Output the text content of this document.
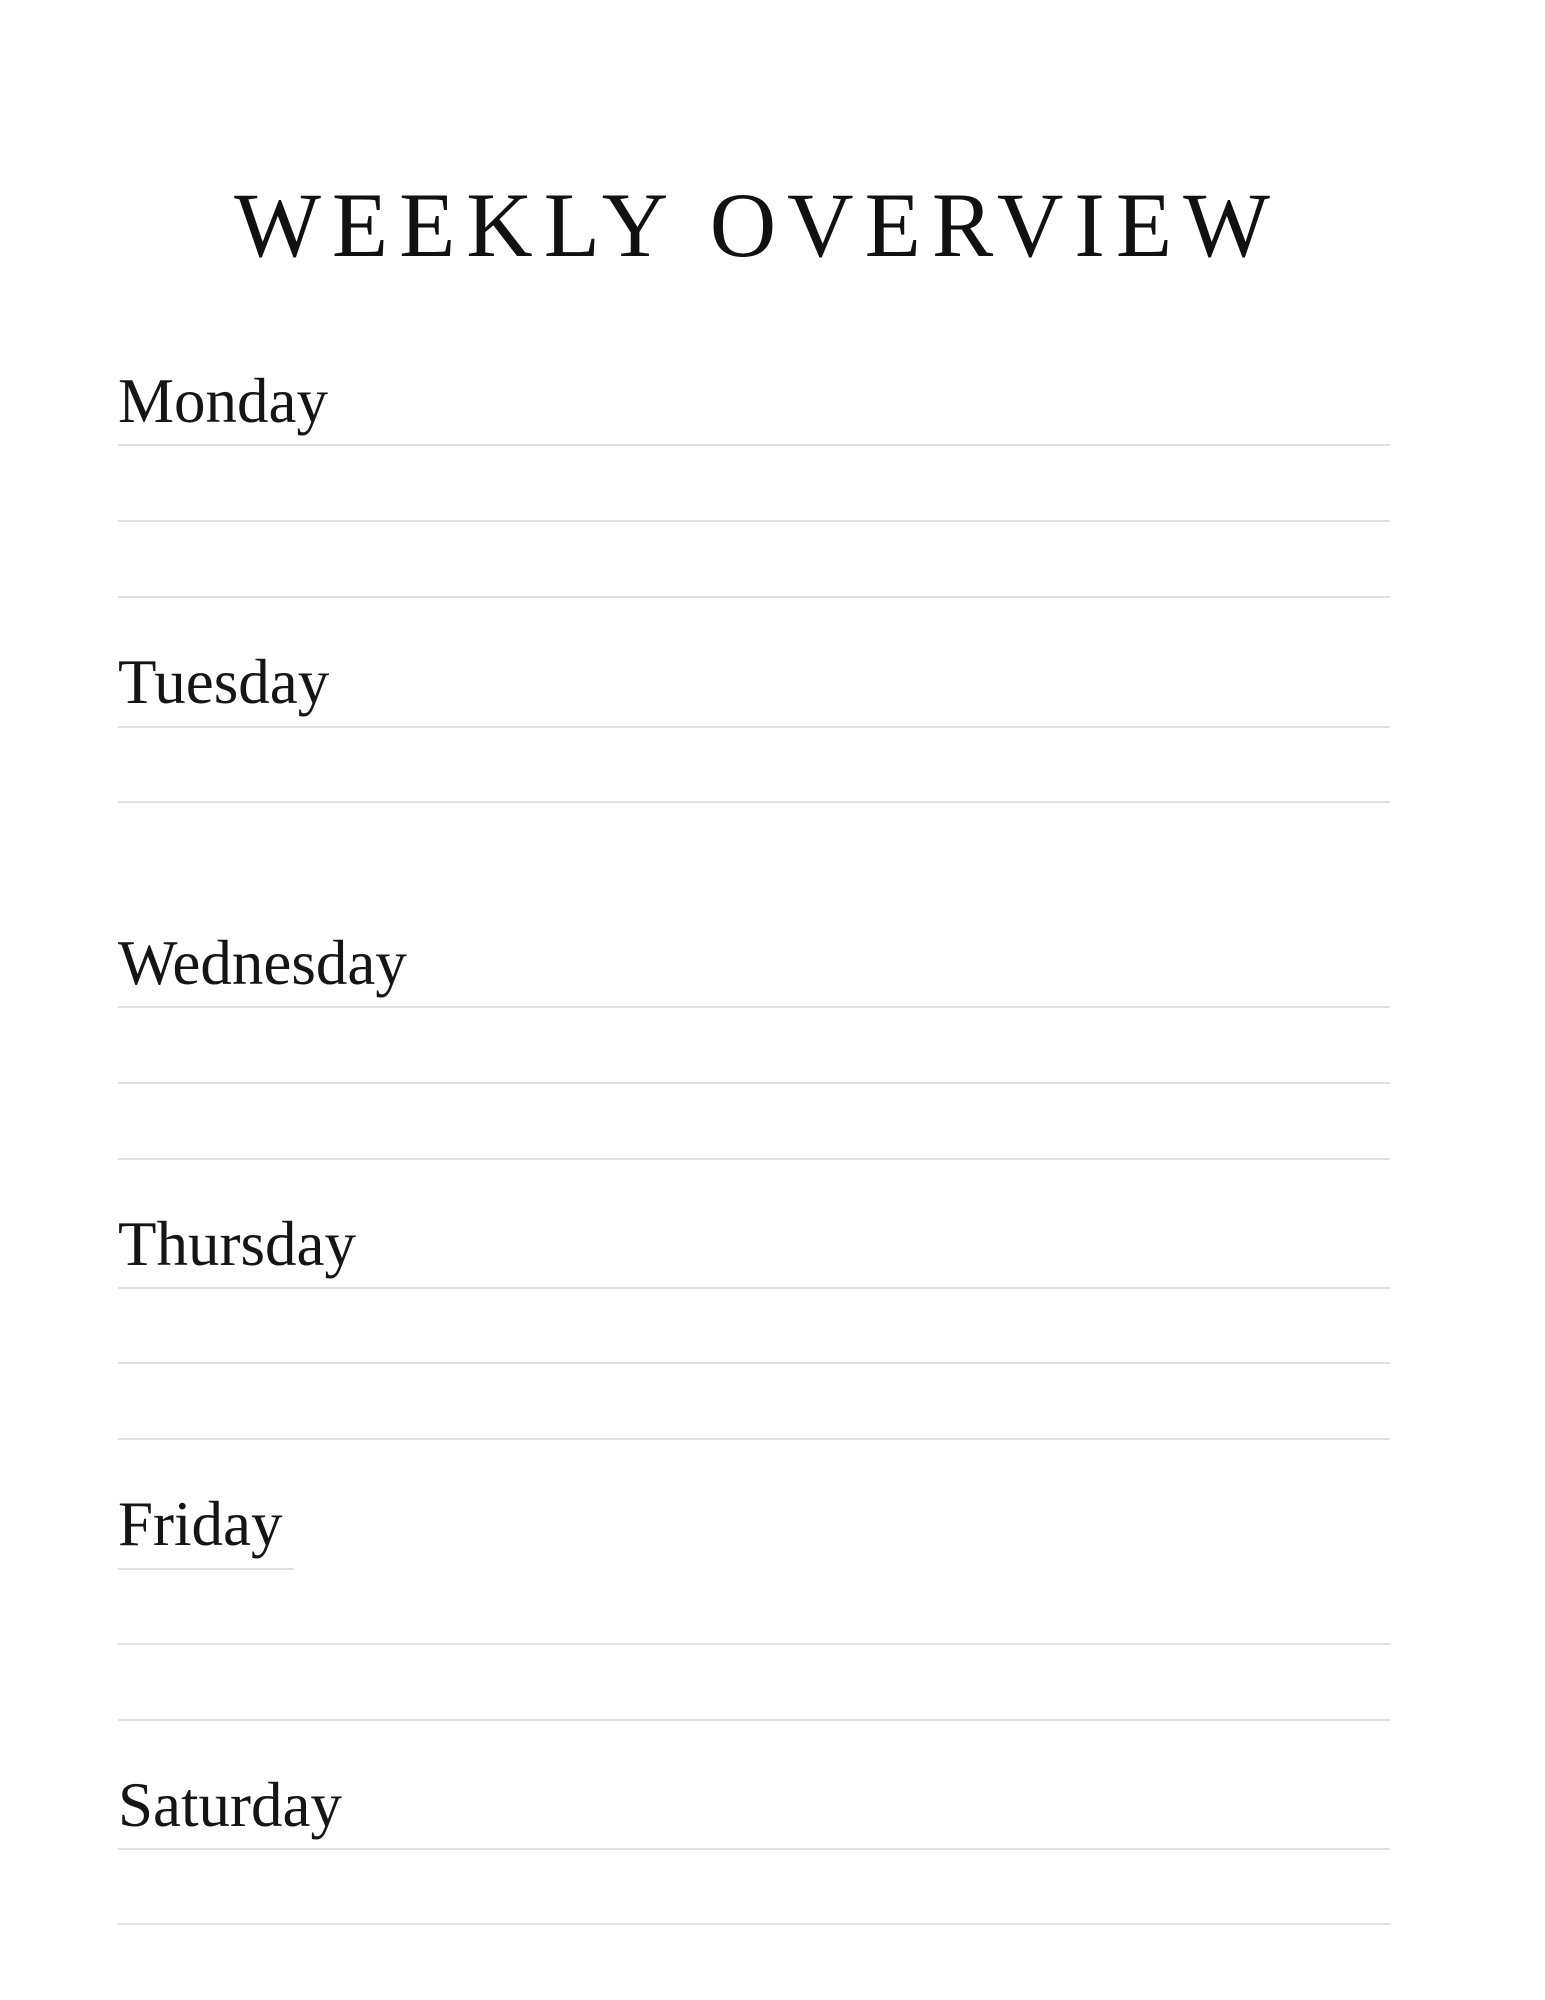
WEEKLY OVERVIEW
Monday
Tuesday
Wednesday
Thursday
Friday
Saturday
